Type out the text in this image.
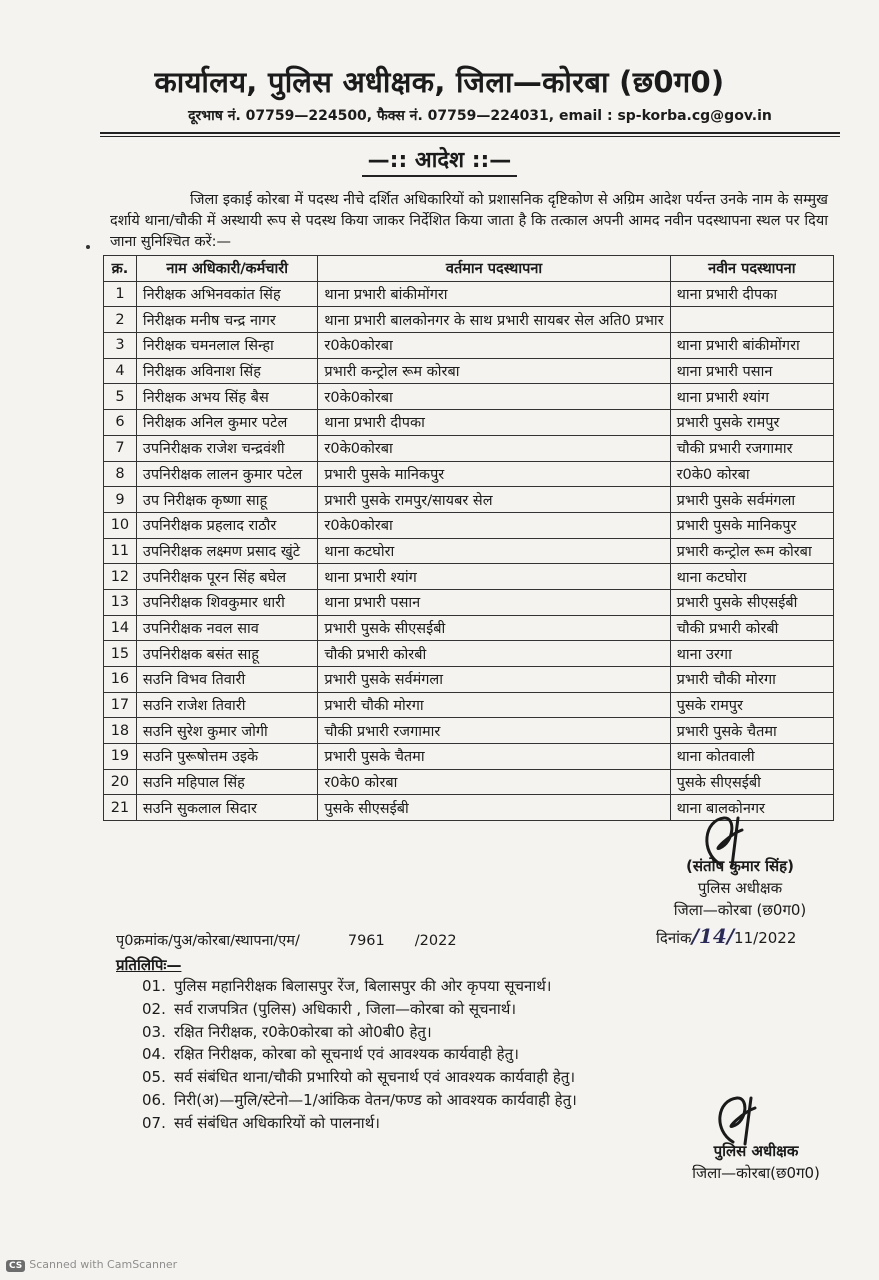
कार्यालय, पुलिस अधीक्षक, जिला—कोरबा (छ0ग0)
दूरभाष नं. 07759—224500, फैक्स नं. 07759—224031, email : sp-korba.cg@gov.in
—:: आदेश ::—
जिला इकाई कोरबा में पदस्थ नीचे दर्शित अधिकारियों को प्रशासनिक दृष्टिकोण से अग्रिम आदेश पर्यन्त उनके नाम के सम्मुख दर्शाये थाना/चौकी में अस्थायी रूप से पदस्थ किया जाकर निर्देशित किया जाता है कि तत्काल अपनी आमद नवीन पदस्थापना स्थल पर दिया जाना सुनिश्चित करें:—
क्र.	नाम अधिकारी/कर्मचारी	वर्तमान पदस्थापना	नवीन पदस्थापना
1	निरीक्षक अभिनवकांत सिंह	थाना प्रभारी बांकीमोंगरा	थाना प्रभारी दीपका
2	निरीक्षक मनीष चन्द्र नागर	थाना प्रभारी बालकोनगर के साथ प्रभारी सायबर सेल अति0 प्रभार	
3	निरीक्षक चमनलाल सिन्हा	र0के0कोरबा	थाना प्रभारी बांकीमोंगरा
4	निरीक्षक अविनाश सिंह	प्रभारी कन्ट्रोल रूम कोरबा	थाना प्रभारी पसान
5	निरीक्षक अभय सिंह बैस	र0के0कोरबा	थाना प्रभारी श्यांग
6	निरीक्षक अनिल कुमार पटेल	थाना प्रभारी दीपका	प्रभारी पुसके रामपुर
7	उपनिरीक्षक राजेश चन्द्रवंशी	र0के0कोरबा	चौकी प्रभारी रजगामार
8	उपनिरीक्षक लालन कुमार पटेल	प्रभारी पुसके मानिकपुर	र0के0 कोरबा
9	उप निरीक्षक कृष्णा साहू	प्रभारी पुसके रामपुर/सायबर सेल	प्रभारी पुसके सर्वमंगला
10	उपनिरीक्षक प्रहलाद राठौर	र0के0कोरबा	प्रभारी पुसके मानिकपुर
11	उपनिरीक्षक लक्ष्मण प्रसाद खुंटे	थाना कटघोरा	प्रभारी कन्ट्रोल रूम कोरबा
12	उपनिरीक्षक पूरन सिंह बघेल	थाना प्रभारी श्यांग	थाना कटघोरा
13	उपनिरीक्षक शिवकुमार धारी	थाना प्रभारी पसान	प्रभारी पुसके सीएसईबी
14	उपनिरीक्षक नवल साव	प्रभारी पुसके सीएसईबी	चौकी प्रभारी कोरबी
15	उपनिरीक्षक बसंत साहू	चौकी प्रभारी कोरबी	थाना उरगा
16	सउनि विभव तिवारी	प्रभारी पुसके सर्वमंगला	प्रभारी चौकी मोरगा
17	सउनि राजेश तिवारी	प्रभारी चौकी मोरगा	पुसके रामपुर
18	सउनि सुरेश कुमार जोगी	चौकी प्रभारी रजगामार	प्रभारी पुसके चैतमा
19	सउनि पुरूषोत्तम उइके	प्रभारी पुसके चैतमा	थाना कोतवाली
20	सउनि महिपाल सिंह	र0के0 कोरबा	पुसके सीएसईबी
21	सउनि सुकलाल सिदार	पुसके सीएसईबी	थाना बालकोनगर
(संतोष कुमार सिंह)
पुलिस अधीक्षक
जिला—कोरबा (छ0ग0)
पृ0क्रमांक/पुअ/कोरबा/स्थापना/एम/	7961 /2022	दिनांक/14/11/2022
प्रतिलिपिः—
01. पुलिस महानिरीक्षक बिलासपुर रेंज, बिलासपुर की ओर कृपया सूचनार्थ।
02. सर्व राजपत्रित (पुलिस) अधिकारी , जिला—कोरबा को सूचनार्थ।
03. रक्षित निरीक्षक, र0के0कोरबा को ओ0बी0 हेतु।
04. रक्षित निरीक्षक, कोरबा को सूचनार्थ एवं आवश्यक कार्यवाही हेतु।
05. सर्व संबंधित थाना/चौकी प्रभारियो को सूचनार्थ एवं आवश्यक कार्यवाही हेतु।
06. निरी(अ)—मुलि/स्टेनो—1/आंकिक वेतन/फण्ड को आवश्यक कार्यवाही हेतु।
07. सर्व संबंधित अधिकारियों को पालनार्थ।
पुलिस अधीक्षक
जिला—कोरबा(छ0ग0)
CS Scanned with CamScanner
